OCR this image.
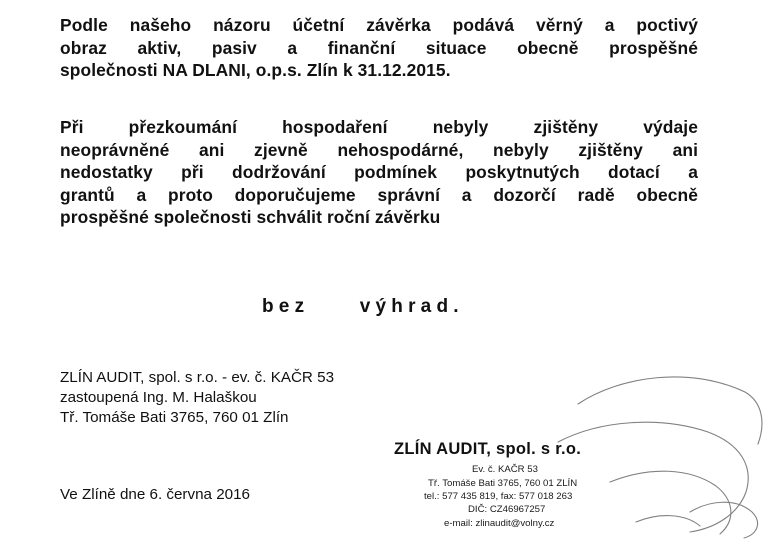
Podle našeho názoru účetní závěrka podává věrný a poctivý
obraz aktiv, pasiv a finanční situace obecně prospěšné
společnosti NA DLANI, o.p.s. Zlín k 31.12.2015.

Při přezkoumání hospodaření nebyly zjištěny výdaje
neoprávněné ani zjevně nehospodárné, nebyly zjištěny ani
nedostatky při dodržování podmínek poskytnutých dotací a
grantů a proto doporučujeme správní a dozorčí radě obecně
prospěšné společnosti schválit roční závěrku

bez výhrad.
ZLÍN AUDIT, spol. s r.o. - ev. č. KAČR 53
zastoupená Ing. M. Halaškou
Tř. Tomáše Bati 3765, 760 01 Zlín
Ve Zlíně dne 6. června 2016
ZLÍN AUDIT, spol. s r.o.
Ev. č. KAČR 53
Tř. Tomáše Bati 3765, 760 01 ZLÍN
tel.: 577 435 819, fax: 577 018 263
DIČ: CZ46967257
e-mail: zlinaudit@volny.cz
